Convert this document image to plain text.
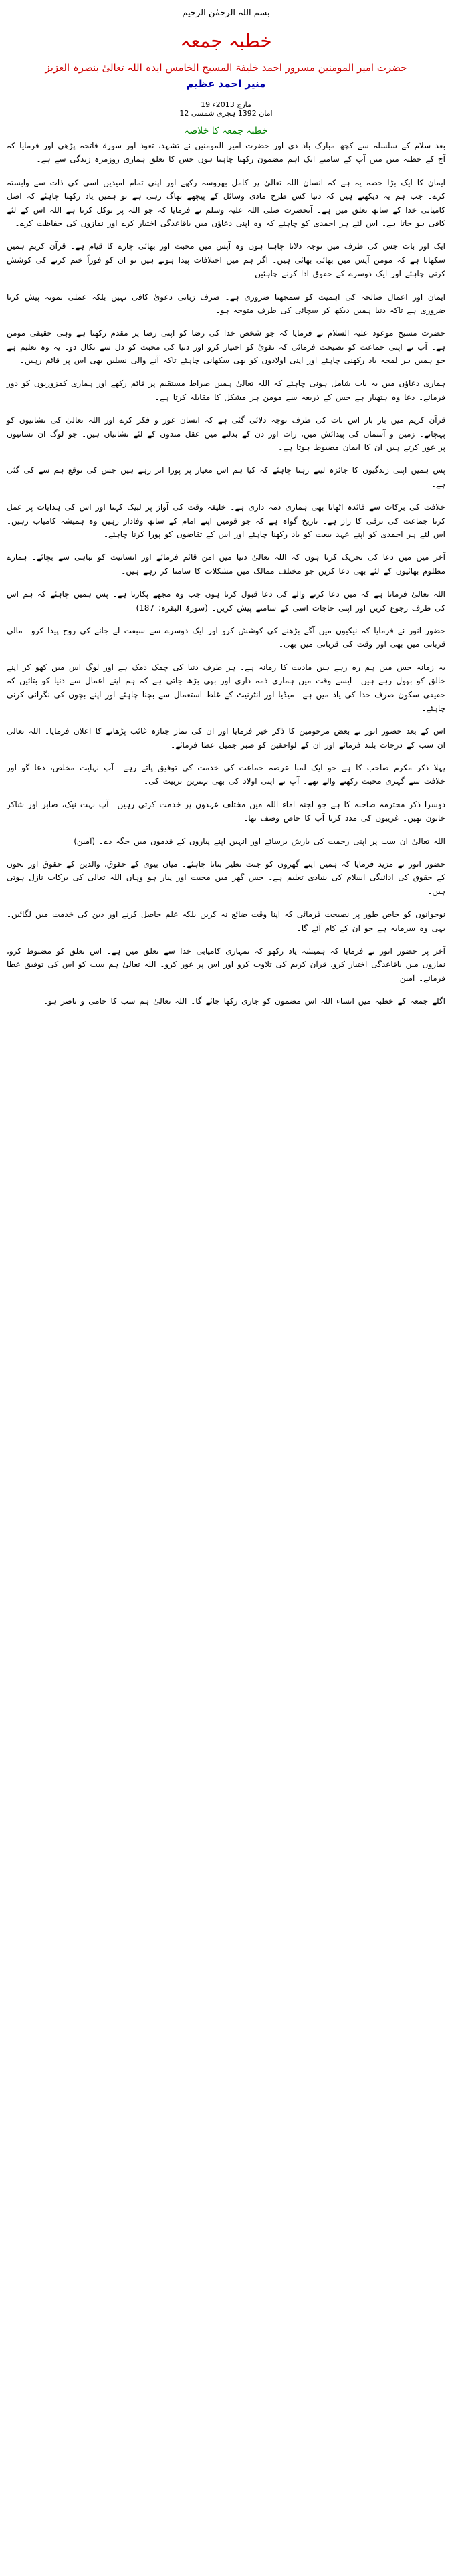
بسم اللہ الرحمٰن الرحیم
خطبہ جمعہ
حضرت امیر المومنین مسرور احمد خلیفۃ المسیح الخامس ایدہ اللہ تعالیٰ بنصرہ العزیز
منیر احمد عظیم
19 مارچ 2013ء
12 امان 1392 ہجری شمسی
خطبہ جمعہ کا خلاصہ

بعد سلام کے سلسلہ سے کچھ مبارک باد دی اور حضرت امیر المومنین نے تشہد، تعوذ اور سورۃ فاتحہ پڑھی اور فرمایا کہ آج کے خطبہ میں میں آپ کے سامنے ایک اہم مضمون رکھنا چاہتا ہوں جس کا تعلق ہماری روزمرہ زندگی سے ہے۔

ایمان کا ایک بڑا حصہ یہ ہے کہ انسان اللہ تعالیٰ پر کامل بھروسہ رکھے اور اپنی تمام امیدیں اسی کی ذات سے وابستہ کرے۔ جب ہم یہ دیکھتے ہیں کہ دنیا کس طرح مادی وسائل کے پیچھے بھاگ رہی ہے تو ہمیں یاد رکھنا چاہئے کہ اصل کامیابی خدا کے ساتھ تعلق میں ہے۔ آنحضرت صلی اللہ علیہ وسلم نے فرمایا کہ جو اللہ پر توکل کرتا ہے اللہ اس کے لئے کافی ہو جاتا ہے۔ اس لئے ہر احمدی کو چاہئے کہ وہ اپنی دعاؤں میں باقاعدگی اختیار کرے اور نمازوں کی حفاظت کرے۔

ایک اور بات جس کی طرف میں توجہ دلانا چاہتا ہوں وہ آپس میں محبت اور بھائی چارے کا قیام ہے۔ قرآن کریم ہمیں سکھاتا ہے کہ مومن آپس میں بھائی بھائی ہیں۔ اگر ہم میں اختلافات پیدا ہوتے ہیں تو ان کو فوراً ختم کرنے کی کوشش کرنی چاہئے اور ایک دوسرے کے حقوق ادا کرنے چاہئیں۔

ایمان اور اعمال صالحہ کی اہمیت کو سمجھنا ضروری ہے۔ صرف زبانی دعویٰ کافی نہیں بلکہ عملی نمونہ پیش کرنا ضروری ہے تاکہ دنیا ہمیں دیکھ کر سچائی کی طرف متوجہ ہو۔

حضرت مسیح موعود علیہ السلام نے فرمایا کہ جو شخص خدا کی رضا کو اپنی رضا پر مقدم رکھتا ہے وہی حقیقی مومن ہے۔ آپ نے اپنی جماعت کو نصیحت فرمائی کہ تقویٰ کو اختیار کرو اور دنیا کی محبت کو دل سے نکال دو۔ یہ وہ تعلیم ہے جو ہمیں ہر لمحہ یاد رکھنی چاہئے اور اپنی اولادوں کو بھی سکھانی چاہئے تاکہ آنے والی نسلیں بھی اس پر قائم رہیں۔

ہماری دعاؤں میں یہ بات شامل ہونی چاہئے کہ اللہ تعالیٰ ہمیں صراط مستقیم پر قائم رکھے اور ہماری کمزوریوں کو دور فرمائے۔ دعا وہ ہتھیار ہے جس کے ذریعہ سے مومن ہر مشکل کا مقابلہ کرتا ہے۔

قرآن کریم میں بار بار اس بات کی طرف توجہ دلائی گئی ہے کہ انسان غور و فکر کرے اور اللہ تعالیٰ کی نشانیوں کو پہچانے۔ زمین و آسمان کی پیدائش میں، رات اور دن کے بدلنے میں عقل مندوں کے لئے نشانیاں ہیں۔ جو لوگ ان نشانیوں پر غور کرتے ہیں ان کا ایمان مضبوط ہوتا ہے۔

پس ہمیں اپنی زندگیوں کا جائزہ لیتے رہنا چاہئے کہ کیا ہم اس معیار پر پورا اتر رہے ہیں جس کی توقع ہم سے کی گئی ہے۔

خلافت کی برکات سے فائدہ اٹھانا بھی ہماری ذمہ داری ہے۔ خلیفہ وقت کی آواز پر لبیک کہنا اور اس کی ہدایات پر عمل کرنا جماعت کی ترقی کا راز ہے۔ تاریخ گواہ ہے کہ جو قومیں اپنے امام کے ساتھ وفادار رہیں وہ ہمیشہ کامیاب رہیں۔ اس لئے ہر احمدی کو اپنے عہد بیعت کو یاد رکھنا چاہئے اور اس کے تقاضوں کو پورا کرنا چاہئے۔

آخر میں میں دعا کی تحریک کرتا ہوں کہ اللہ تعالیٰ دنیا میں امن قائم فرمائے اور انسانیت کو تباہی سے بچائے۔ ہمارے مظلوم بھائیوں کے لئے بھی دعا کریں جو مختلف ممالک میں مشکلات کا سامنا کر رہے ہیں۔

اللہ تعالیٰ فرماتا ہے کہ میں دعا کرنے والے کی دعا قبول کرتا ہوں جب وہ مجھے پکارتا ہے۔ پس ہمیں چاہئے کہ ہم اس کی طرف رجوع کریں اور اپنی حاجات اسی کے سامنے پیش کریں۔ (سورۃ البقرہ: 187)

حضور انور نے فرمایا کہ نیکیوں میں آگے بڑھنے کی کوشش کرو اور ایک دوسرے سے سبقت لے جانے کی روح پیدا کرو۔ مالی قربانی میں بھی اور وقت کی قربانی میں بھی۔

یہ زمانہ جس میں ہم رہ رہے ہیں مادیت کا زمانہ ہے۔ ہر طرف دنیا کی چمک دمک ہے اور لوگ اس میں کھو کر اپنے خالق کو بھول رہے ہیں۔ ایسے وقت میں ہماری ذمہ داری اور بھی بڑھ جاتی ہے کہ ہم اپنے اعمال سے دنیا کو بتائیں کہ حقیقی سکون صرف خدا کی یاد میں ہے۔ میڈیا اور انٹرنیٹ کے غلط استعمال سے بچنا چاہئے اور اپنے بچوں کی نگرانی کرنی چاہئے۔

اس کے بعد حضور انور نے بعض مرحومین کا ذکر خیر فرمایا اور ان کی نماز جنازہ غائب پڑھانے کا اعلان فرمایا۔ اللہ تعالیٰ ان سب کے درجات بلند فرمائے اور ان کے لواحقین کو صبر جمیل عطا فرمائے۔

پہلا ذکر مکرم صاحب کا ہے جو ایک لمبا عرصہ جماعت کی خدمت کی توفیق پاتے رہے۔ آپ نہایت مخلص، دعا گو اور خلافت سے گہری محبت رکھنے والے تھے۔ آپ نے اپنی اولاد کی بھی بہترین تربیت کی۔

دوسرا ذکر محترمہ صاحبہ کا ہے جو لجنہ اماء اللہ میں مختلف عہدوں پر خدمت کرتی رہیں۔ آپ بہت نیک، صابر اور شاکر خاتون تھیں۔ غریبوں کی مدد کرنا آپ کا خاص وصف تھا۔

اللہ تعالیٰ ان سب پر اپنی رحمت کی بارش برسائے اور انہیں اپنے پیاروں کے قدموں میں جگہ دے۔ (آمین)

حضور انور نے مزید فرمایا کہ ہمیں اپنے گھروں کو جنت نظیر بنانا چاہئے۔ میاں بیوی کے حقوق، والدین کے حقوق اور بچوں کے حقوق کی ادائیگی اسلام کی بنیادی تعلیم ہے۔ جس گھر میں محبت اور پیار ہو وہاں اللہ تعالیٰ کی برکات نازل ہوتی ہیں۔

نوجوانوں کو خاص طور پر نصیحت فرمائی کہ اپنا وقت ضائع نہ کریں بلکہ علم حاصل کرنے اور دین کی خدمت میں لگائیں۔ یہی وہ سرمایہ ہے جو ان کے کام آئے گا۔

آخر پر حضور انور نے فرمایا کہ ہمیشہ یاد رکھو کہ تمہاری کامیابی خدا سے تعلق میں ہے۔ اس تعلق کو مضبوط کرو، نمازوں میں باقاعدگی اختیار کرو، قرآن کریم کی تلاوت کرو اور اس پر غور کرو۔ اللہ تعالیٰ ہم سب کو اس کی توفیق عطا فرمائے۔ آمین

اگلے جمعہ کے خطبہ میں انشاء اللہ اس مضمون کو جاری رکھا جائے گا۔ اللہ تعالیٰ ہم سب کا حامی و ناصر ہو۔
